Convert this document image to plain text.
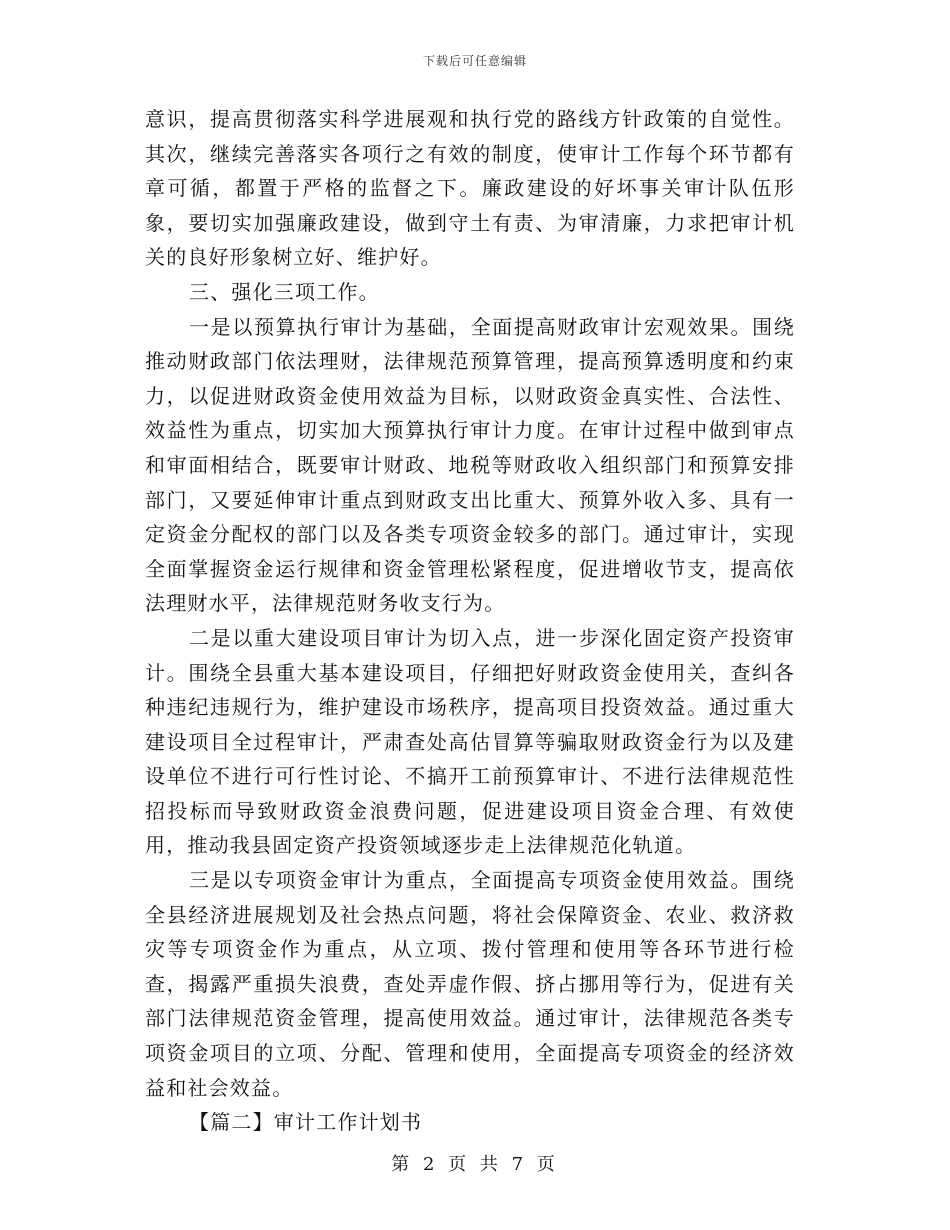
下载后可任意编辑

意识，提高贯彻落实科学进展观和执行党的路线方针政策的自觉性。其次，继续完善落实各项行之有效的制度，使审计工作每个环节都有章可循，都置于严格的监督之下。廉政建设的好坏事关审计队伍形象，要切实加强廉政建设，做到守土有责、为审清廉，力求把审计机关的良好形象树立好、维护好。

三、强化三项工作。

一是以预算执行审计为基础，全面提高财政审计宏观效果。围绕推动财政部门依法理财，法律规范预算管理，提高预算透明度和约束力，以促进财政资金使用效益为目标，以财政资金真实性、合法性、效益性为重点，切实加大预算执行审计力度。在审计过程中做到审点和审面相结合，既要审计财政、地税等财政收入组织部门和预算安排部门，又要延伸审计重点到财政支出比重大、预算外收入多、具有一定资金分配权的部门以及各类专项资金较多的部门。通过审计，实现全面掌握资金运行规律和资金管理松紧程度，促进增收节支，提高依法理财水平，法律规范财务收支行为。

二是以重大建设项目审计为切入点，进一步深化固定资产投资审计。围绕全县重大基本建设项目，仔细把好财政资金使用关，查纠各种违纪违规行为，维护建设市场秩序，提高项目投资效益。通过重大建设项目全过程审计，严肃查处高估冒算等骗取财政资金行为以及建设单位不进行可行性讨论、不搞开工前预算审计、不进行法律规范性招投标而导致财政资金浪费问题，促进建设项目资金合理、有效使用，推动我县固定资产投资领域逐步走上法律规范化轨道。

三是以专项资金审计为重点，全面提高专项资金使用效益。围绕全县经济进展规划及社会热点问题，将社会保障资金、农业、救济救灾等专项资金作为重点，从立项、拨付管理和使用等各环节进行检查，揭露严重损失浪费，查处弄虚作假、挤占挪用等行为，促进有关部门法律规范资金管理，提高使用效益。通过审计，法律规范各类专项资金项目的立项、分配、管理和使用，全面提高专项资金的经济效益和社会效益。

【篇二】审计工作计划书

第 2 页 共 7 页
